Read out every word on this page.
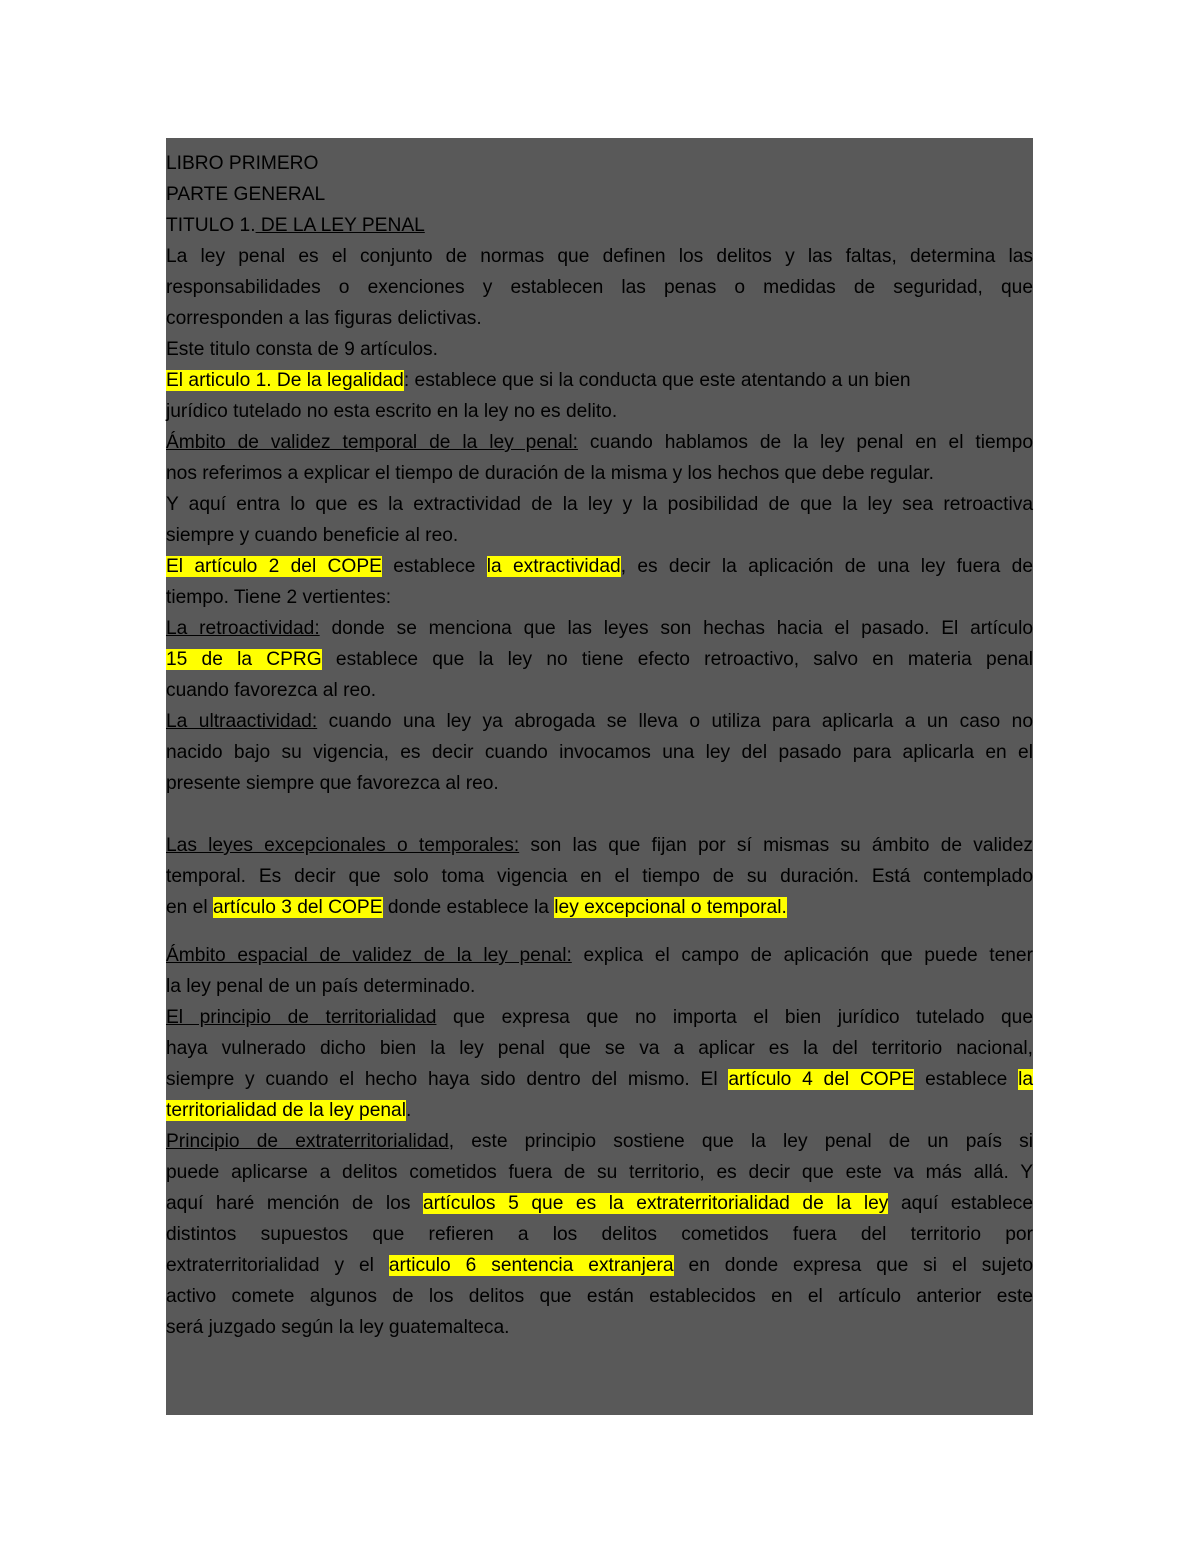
LIBRO PRIMERO
PARTE GENERAL
TITULO 1. DE LA LEY PENAL
La ley penal es el conjunto de normas que definen los delitos y las faltas, determina las
responsabilidades o exenciones y establecen las penas o medidas de seguridad, que
corresponden a las figuras delictivas.
Este titulo consta de 9 artículos.
El articulo 1. De la legalidad: establece que si la conducta que este atentando a un bien
jurídico tutelado no esta escrito en la ley no es delito.
Ámbito de validez temporal de la ley penal: cuando hablamos de la ley penal en el tiempo
nos referimos a explicar el tiempo de duración de la misma y los hechos que debe regular.
Y aquí entra lo que es la extractividad de la ley y la posibilidad de que la ley sea retroactiva
siempre y cuando beneficie al reo.
El artículo 2 del COPE establece la extractividad, es decir la aplicación de una ley fuera de
tiempo. Tiene 2 vertientes:
La retroactividad: donde se menciona que las leyes son hechas hacia el pasado. El artículo
15 de la CPRG establece que la ley no tiene efecto retroactivo, salvo en materia penal
cuando favorezca al reo.
La ultraactividad: cuando una ley ya abrogada se lleva o utiliza para aplicarla a un caso no
nacido bajo su vigencia, es decir cuando invocamos una ley del pasado para aplicarla en el
presente siempre que favorezca al reo.
Las leyes excepcionales o temporales: son las que fijan por sí mismas su ámbito de validez
temporal. Es decir que solo toma vigencia en el tiempo de su duración. Está contemplado
en el artículo 3 del COPE donde establece la ley excepcional o temporal.
Ámbito espacial de validez de la ley penal: explica el campo de aplicación que puede tener
la ley penal de un país determinado.
El principio de territorialidad que expresa que no importa el bien jurídico tutelado que
haya vulnerado dicho bien la ley penal que se va a aplicar es la del territorio nacional,
siempre y cuando el hecho haya sido dentro del mismo. El artículo 4 del COPE establece la
territorialidad de la ley penal.
Principio de extraterritorialidad, este principio sostiene que la ley penal de un país si
puede aplicarse a delitos cometidos fuera de su territorio, es decir que este va más allá. Y
aquí haré mención de los artículos 5 que es la extraterritorialidad de la ley aquí establece
distintos supuestos que refieren a los delitos cometidos fuera del territorio por
extraterritorialidad y el articulo 6 sentencia extranjera en donde expresa que si el sujeto
activo comete algunos de los delitos que están establecidos en el artículo anterior este
será juzgado según la ley guatemalteca.
